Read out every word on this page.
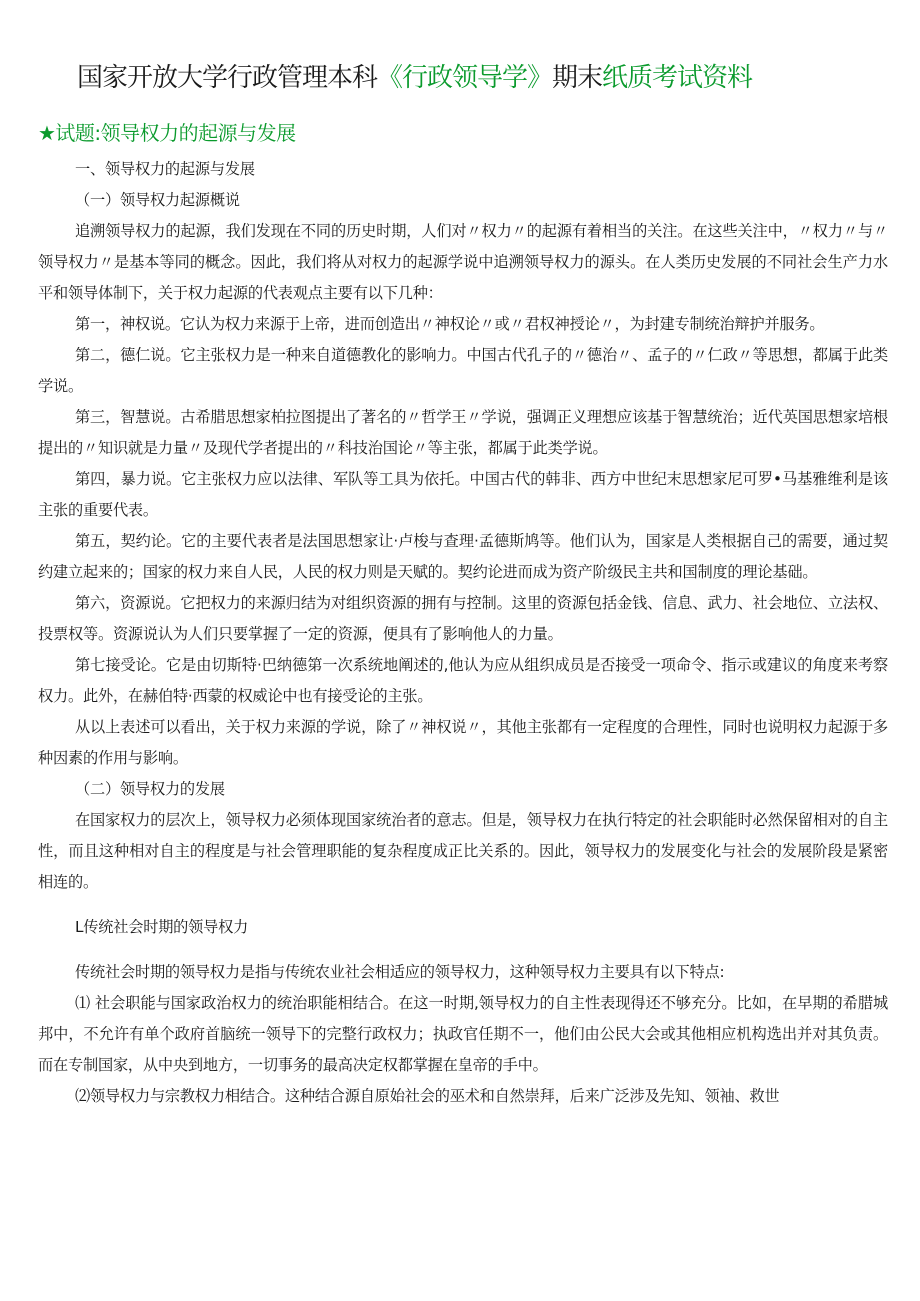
国家开放大学行政管理本科《行政领导学》期末纸质考试资料
★试题:领导权力的起源与发展

一、领导权力的起源与发展

（一）领导权力起源概说

追溯领导权力的起源，我们发现在不同的历史时期，人们对〃权力〃的起源有着相当的关注。在这些关注中，〃权力〃与〃领导权力〃是基本等同的概念。因此，我们将从对权力的起源学说中追溯领导权力的源头。在人类历史发展的不同社会生产力水平和领导体制下，关于权力起源的代表观点主要有以下几种：

第一，神权说。它认为权力来源于上帝，进而创造出〃神权论〃或〃君权神授论〃，为封建专制统治辩护并服务。

第二，德仁说。它主张权力是一种来自道德教化的影响力。中国古代孔子的〃德治〃、孟子的〃仁政〃等思想，都属于此类学说。

第三，智慧说。古希腊思想家柏拉图提出了著名的〃哲学王〃学说，强调正义理想应该基于智慧统治；近代英国思想家培根提出的〃知识就是力量〃及现代学者提出的〃科技治国论〃等主张，都属于此类学说。

第四，暴力说。它主张权力应以法律、军队等工具为依托。中国古代的韩非、西方中世纪末思想家尼可罗•马基雅维利是该主张的重要代表。

第五，契约论。它的主要代表者是法国思想家让·卢梭与查理·孟德斯鸠等。他们认为，国家是人类根据自己的需要，通过契约建立起来的；国家的权力来自人民，人民的权力则是天赋的。契约论进而成为资产阶级民主共和国制度的理论基础。

第六，资源说。它把权力的来源归结为对组织资源的拥有与控制。这里的资源包括金钱、信息、武力、社会地位、立法权、投票权等。资源说认为人们只要掌握了一定的资源，便具有了影响他人的力量。

第七接受论。它是由切斯特·巴纳德第一次系统地阐述的,他认为应从组织成员是否接受一项命令、指示或建议的角度来考察权力。此外，在赫伯特·西蒙的权威论中也有接受论的主张。

从以上表述可以看出，关于权力来源的学说，除了〃神权说〃，其他主张都有一定程度的合理性，同时也说明权力起源于多种因素的作用与影响。

（二）领导权力的发展

在国家权力的层次上，领导权力必须体现国家统治者的意志。但是，领导权力在执行特定的社会职能时必然保留相对的自主性，而且这种相对自主的程度是与社会管理职能的复杂程度成正比关系的。因此，领导权力的发展变化与社会的发展阶段是紧密相连的。

L传统社会时期的领导权力

传统社会时期的领导权力是指与传统农业社会相适应的领导权力，这种领导权力主要具有以下特点:

⑴ 社会职能与国家政治权力的统治职能相结合。在这一时期,领导权力的自主性表现得还不够充分。比如，在早期的希腊城邦中，不允许有单个政府首脑统一领导下的完整行政权力；执政官任期不一，他们由公民大会或其他相应机构选出并对其负责。而在专制国家，从中央到地方，一切事务的最高决定权都掌握在皇帝的手中。

⑵领导权力与宗教权力相结合。这种结合源自原始社会的巫术和自然崇拜，后来广泛涉及先知、领袖、救世
